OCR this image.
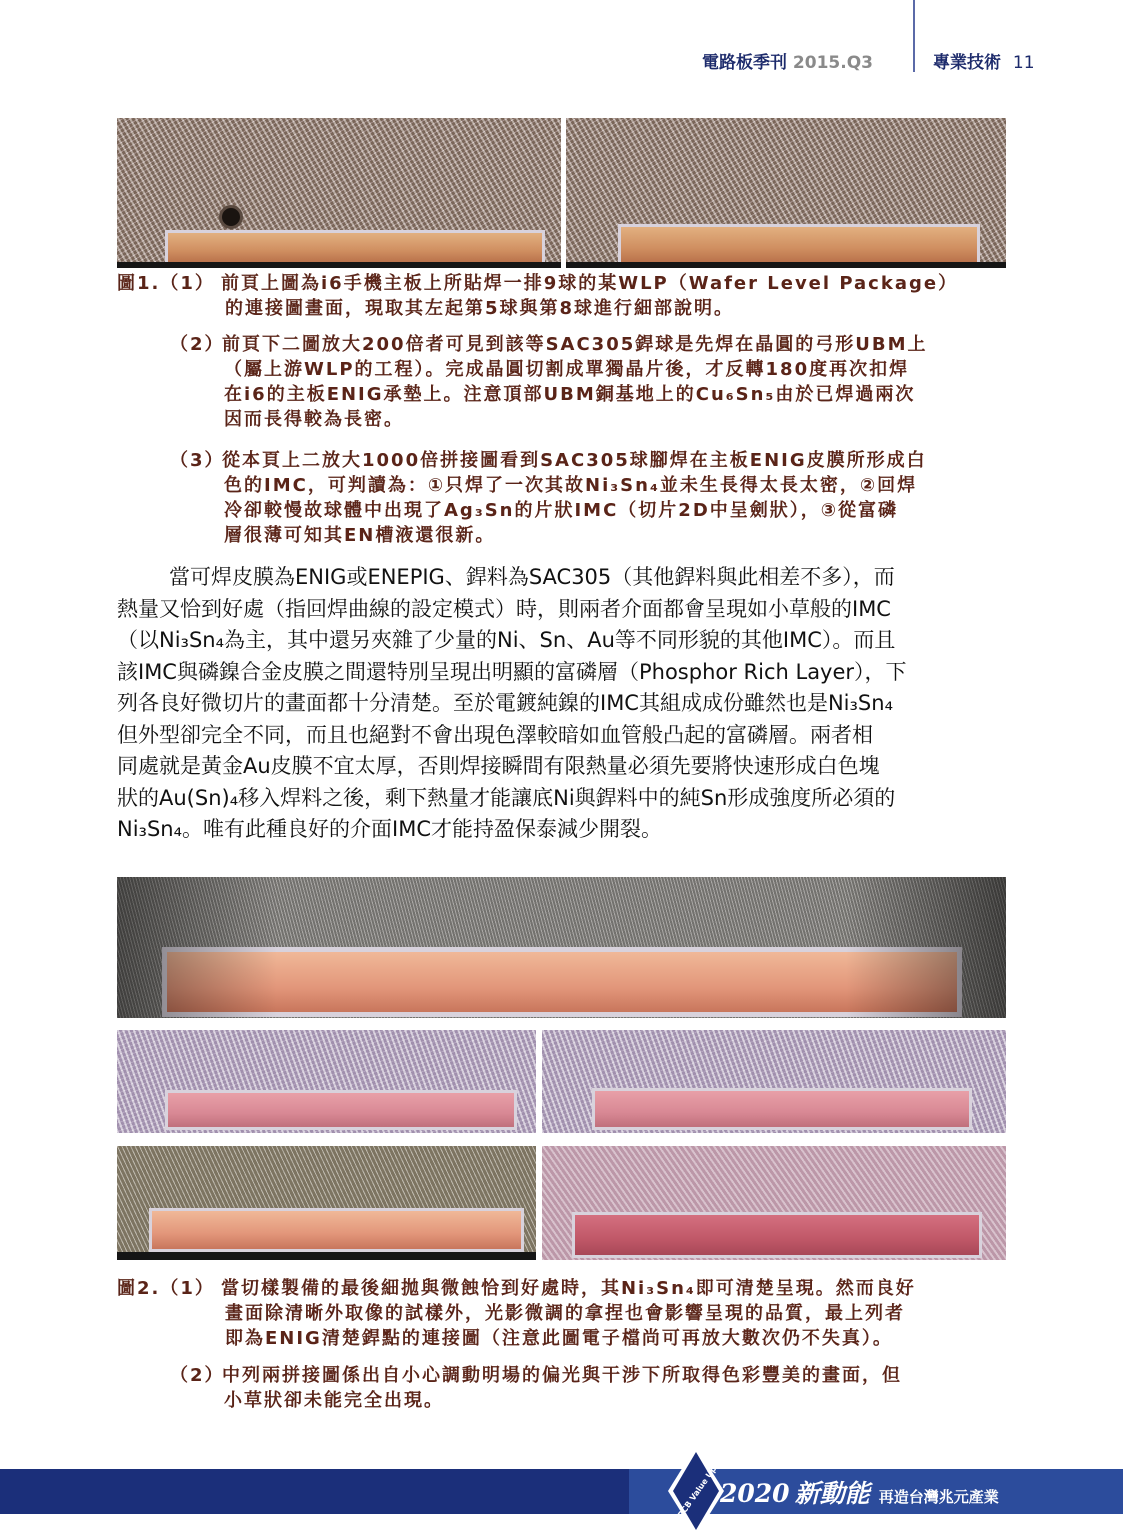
電路板季刊 2015.Q3	專業技術 11
圖1.（1） 前頁上圖為i6手機主板上所貼焊一排9球的某WLP（Wafer Level Package）
的連接圖畫面，現取其左起第5球與第8球進行細部說明。
（2）
前頁下二圖放大200倍者可見到該等SAC305銲球是先焊在晶圓的弓形UBM上
（屬上游WLP的工程）。完成晶圓切割成單獨晶片後，才反轉180度再次扣焊
在i6的主板ENIG承墊上。注意頂部UBM銅基地上的Cu₆Sn₅由於已焊過兩次
因而長得較為長密。
（3）
從本頁上二放大1000倍拼接圖看到SAC305球腳焊在主板ENIG皮膜所形成白
色的IMC，可判讀為：①只焊了一次其故Ni₃Sn₄並未生長得太長太密，②回焊
冷卻較慢故球體中出現了Ag₃Sn的片狀IMC（切片2D中呈劍狀），③從富磷
層很薄可知其EN槽液還很新。
當可焊皮膜為ENIG或ENEPIG、銲料為SAC305（其他銲料與此相差不多），而
熱量又恰到好處（指回焊曲線的設定模式）時，則兩者介面都會呈現如小草般的IMC
（以Ni₃Sn₄為主，其中還另夾雜了少量的Ni、Sn、Au等不同形貌的其他IMC）。而且
該IMC與磷鎳合金皮膜之間還特別呈現出明顯的富磷層（Phosphor Rich Layer），下
列各良好微切片的畫面都十分清楚。至於電鍍純鎳的IMC其組成成份雖然也是Ni₃Sn₄
但外型卻完全不同，而且也絕對不會出現色澤較暗如血管般凸起的富磷層。兩者相
同處就是黃金Au皮膜不宜太厚，否則焊接瞬間有限熱量必須先要將快速形成白色塊
狀的Au(Sn)₄移入焊料之後，剩下熱量才能讓底Ni與銲料中的純Sn形成強度所必須的
Ni₃Sn₄。唯有此種良好的介面IMC才能持盈保泰減少開裂。
圖2.（1） 當切樣製備的最後細拋與微蝕恰到好處時，其Ni₃Sn₄即可清楚呈現。然而良好
畫面除清晰外取像的試樣外，光影微調的拿捏也會影響呈現的品質，最上列者
即為ENIG清楚銲點的連接圖（注意此圖電子檔尚可再放大數次仍不失真）。
（2）
中列兩拼接圖係出自小心調動明場的偏光與干涉下所取得色彩豐美的畫面，但
小草狀卻未能完全出現。
PCB Value Up 2020 新動能 再造台灣兆元產業
